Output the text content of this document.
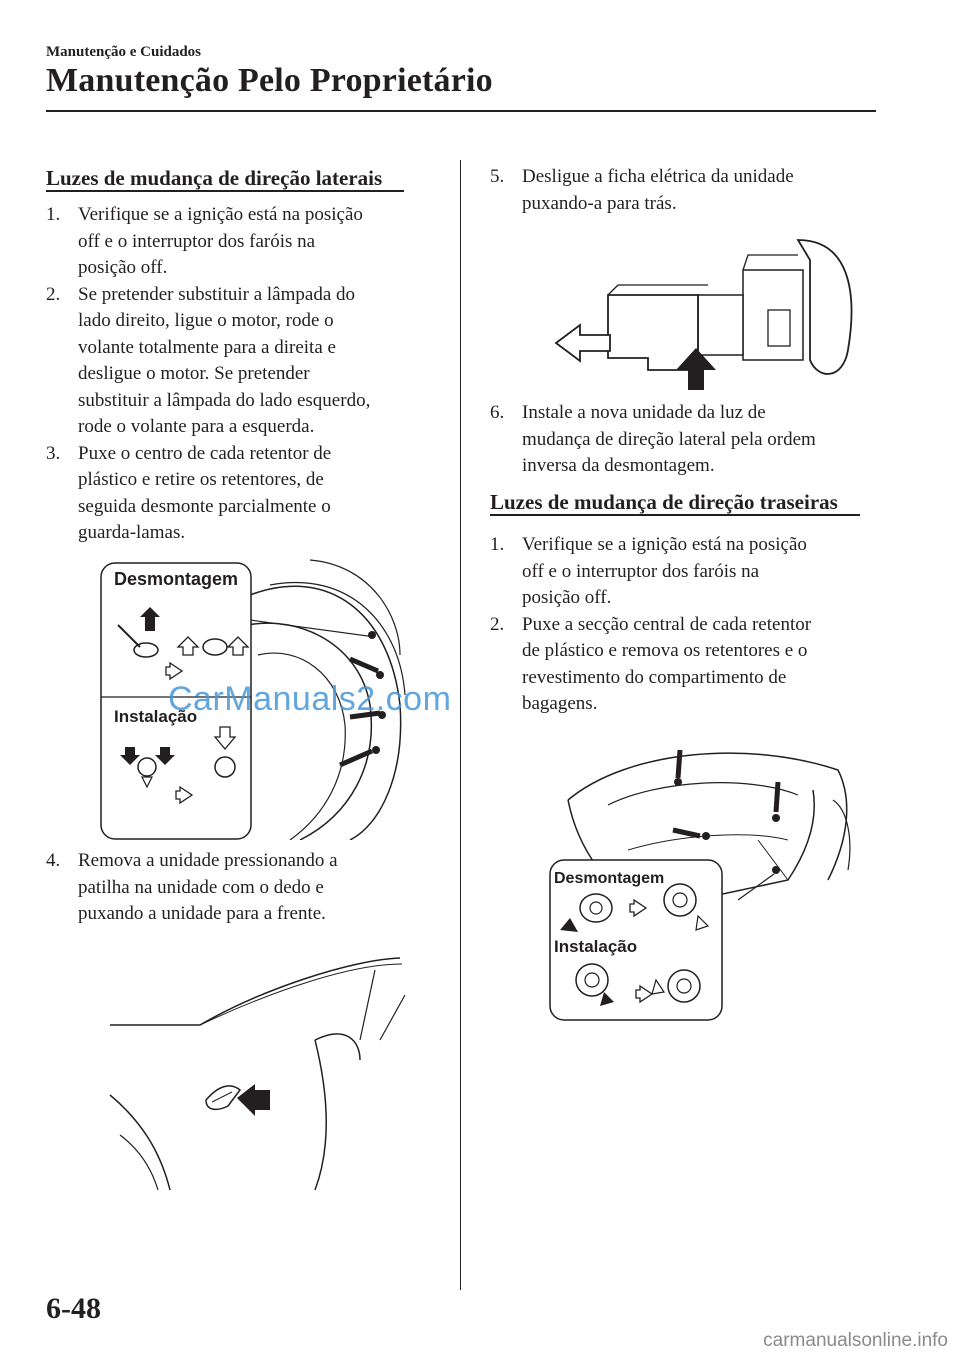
Manutenção e Cuidados
Manutenção Pelo Proprietário
Luzes de mudança de direção laterais
1. Verifique se a ignição está na posição
off e o interruptor dos faróis na
posição off.
2. Se pretender substituir a lâmpada do
lado direito, ligue o motor, rode o
volante totalmente para a direita e
desligue o motor. Se pretender
substituir a lâmpada do lado esquerdo,
rode o volante para a esquerda.
3. Puxe o centro de cada retentor de
plástico e retire os retentores, de
seguida desmonte parcialmente o
guarda-lamas.
Desmontagem
Instalação
CarManuals2.com
4. Remova a unidade pressionando a
patilha na unidade com o dedo e
puxando a unidade para a frente.
5. Desligue a ficha elétrica da unidade
puxando-a para trás.
6. Instale a nova unidade da luz de
mudança de direção lateral pela ordem
inversa da desmontagem.
Luzes de mudança de direção traseiras
1. Verifique se a ignição está na posição
off e o interruptor dos faróis na
posição off.
2. Puxe a secção central de cada retentor
de plástico e remova os retentores e o
revestimento do compartimento de
bagagens.
Desmontagem
Instalação
6-48
carmanualsonline.info
